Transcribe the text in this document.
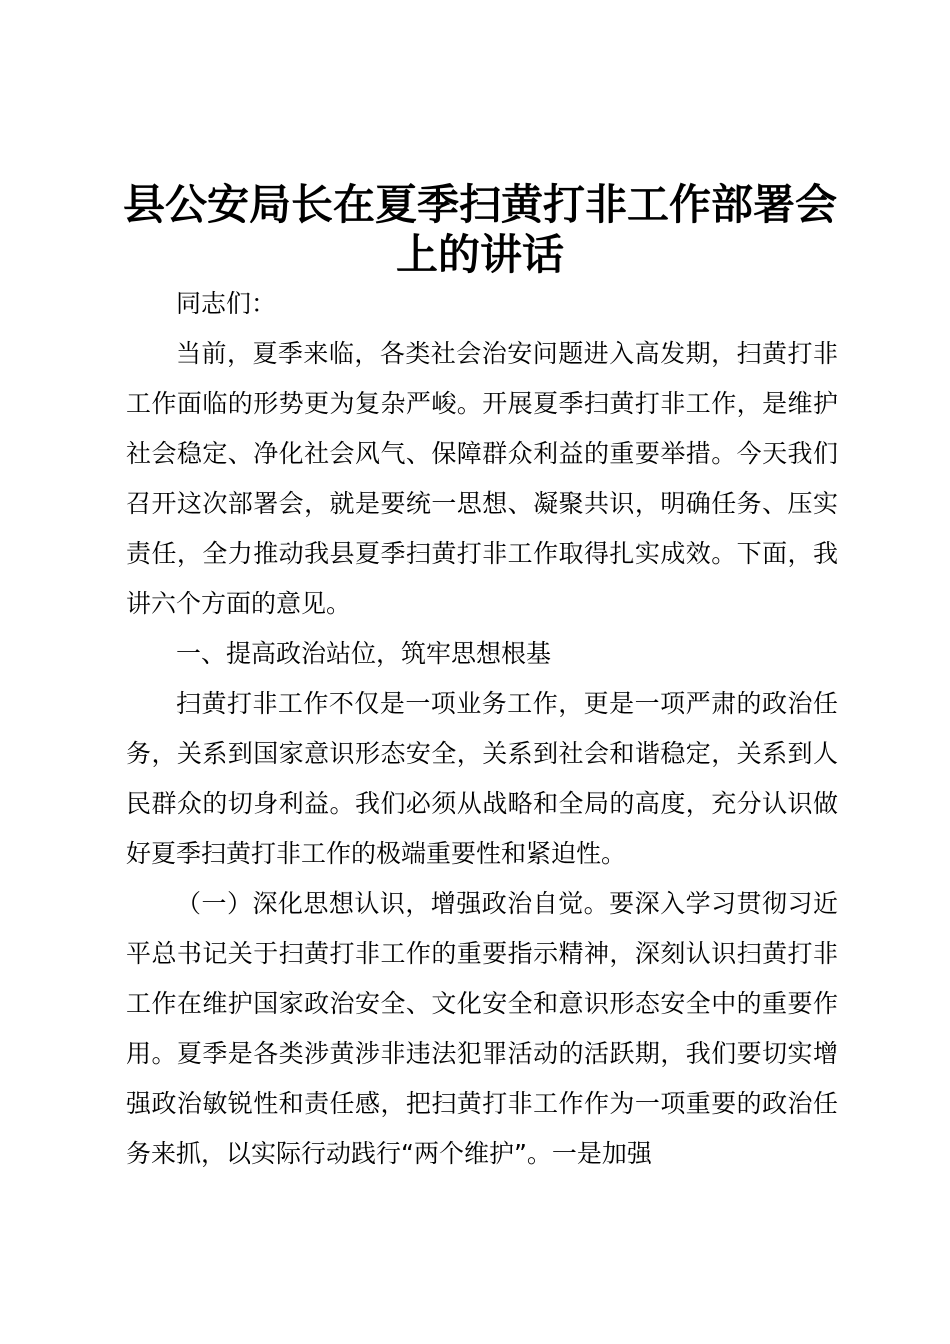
县公安局长在夏季扫黄打非工作部署会上的讲话

同志们：

当前，夏季来临，各类社会治安问题进入高发期，扫黄打非工作面临的形势更为复杂严峻。开展夏季扫黄打非工作，是维护社会稳定、净化社会风气、保障群众利益的重要举措。今天我们召开这次部署会，就是要统一思想、凝聚共识，明确任务、压实责任，全力推动我县夏季扫黄打非工作取得扎实成效。下面，我讲六个方面的意见。

一、提高政治站位，筑牢思想根基

扫黄打非工作不仅是一项业务工作，更是一项严肃的政治任务，关系到国家意识形态安全，关系到社会和谐稳定，关系到人民群众的切身利益。我们必须从战略和全局的高度，充分认识做好夏季扫黄打非工作的极端重要性和紧迫性。

（一）深化思想认识，增强政治自觉。要深入学习贯彻习近平总书记关于扫黄打非工作的重要指示精神，深刻认识扫黄打非工作在维护国家政治安全、文化安全和意识形态安全中的重要作用。夏季是各类涉黄涉非违法犯罪活动的活跃期，我们要切实增强政治敏锐性和责任感，把扫黄打非工作作为一项重要的政治任务来抓，以实际行动践行“两个维护”。一是加强
